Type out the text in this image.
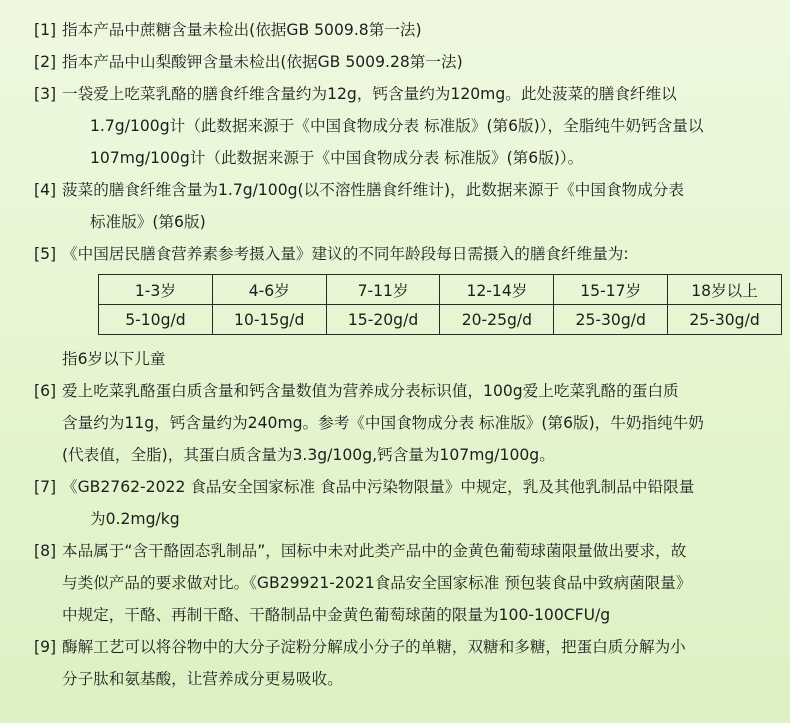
[1] 指本产品中蔗糖含量未检出(依据GB 5009.8第一法)
[2] 指本产品中山梨酸钾含量未检出(依据GB 5009.28第一法)
[3] 一袋爱上吃菜乳酪的膳食纤维含量约为12g，钙含量约为120mg。此处菠菜的膳食纤维以
1.7g/100g计（此数据来源于《中国食物成分表 标准版》(第6版)），全脂纯牛奶钙含量以
107mg/100g计（此数据来源于《中国食物成分表 标准版》(第6版)）。
[4] 菠菜的膳食纤维含量为1.7g/100g(以不溶性膳食纤维计)，此数据来源于《中国食物成分表
标准版》(第6版)
[5] 《中国居民膳食营养素参考摄入量》建议的不同年龄段每日需摄入的膳食纤维量为:
1-3岁	4-6岁	7-11岁	12-14岁	15-17岁	18岁以上
5-10g/d	10-15g/d	15-20g/d	20-25g/d	25-30g/d	25-30g/d
指6岁以下儿童
[6] 爱上吃菜乳酪蛋白质含量和钙含量数值为营养成分表标识值，100g爱上吃菜乳酪的蛋白质
含量约为11g，钙含量约为240mg。参考《中国食物成分表 标准版》(第6版)，牛奶指纯牛奶
(代表值，全脂)，其蛋白质含量为3.3g/100g,钙含量为107mg/100g。
[7] 《GB2762-2022 食品安全国家标准 食品中污染物限量》中规定，乳及其他乳制品中铅限量
为0.2mg/kg
[8] 本品属于“含干酪固态乳制品”，国标中未对此类产品中的金黄色葡萄球菌限量做出要求，故
与类似产品的要求做对比。《GB29921-2021食品安全国家标准 预包装食品中致病菌限量》
中规定，干酪、再制干酪、干酪制品中金黄色葡萄球菌的限量为100-100CFU/g
[9] 酶解工艺可以将谷物中的大分子淀粉分解成小分子的单糖，双糖和多糖，把蛋白质分解为小
分子肽和氨基酸，让营养成分更易吸收。
